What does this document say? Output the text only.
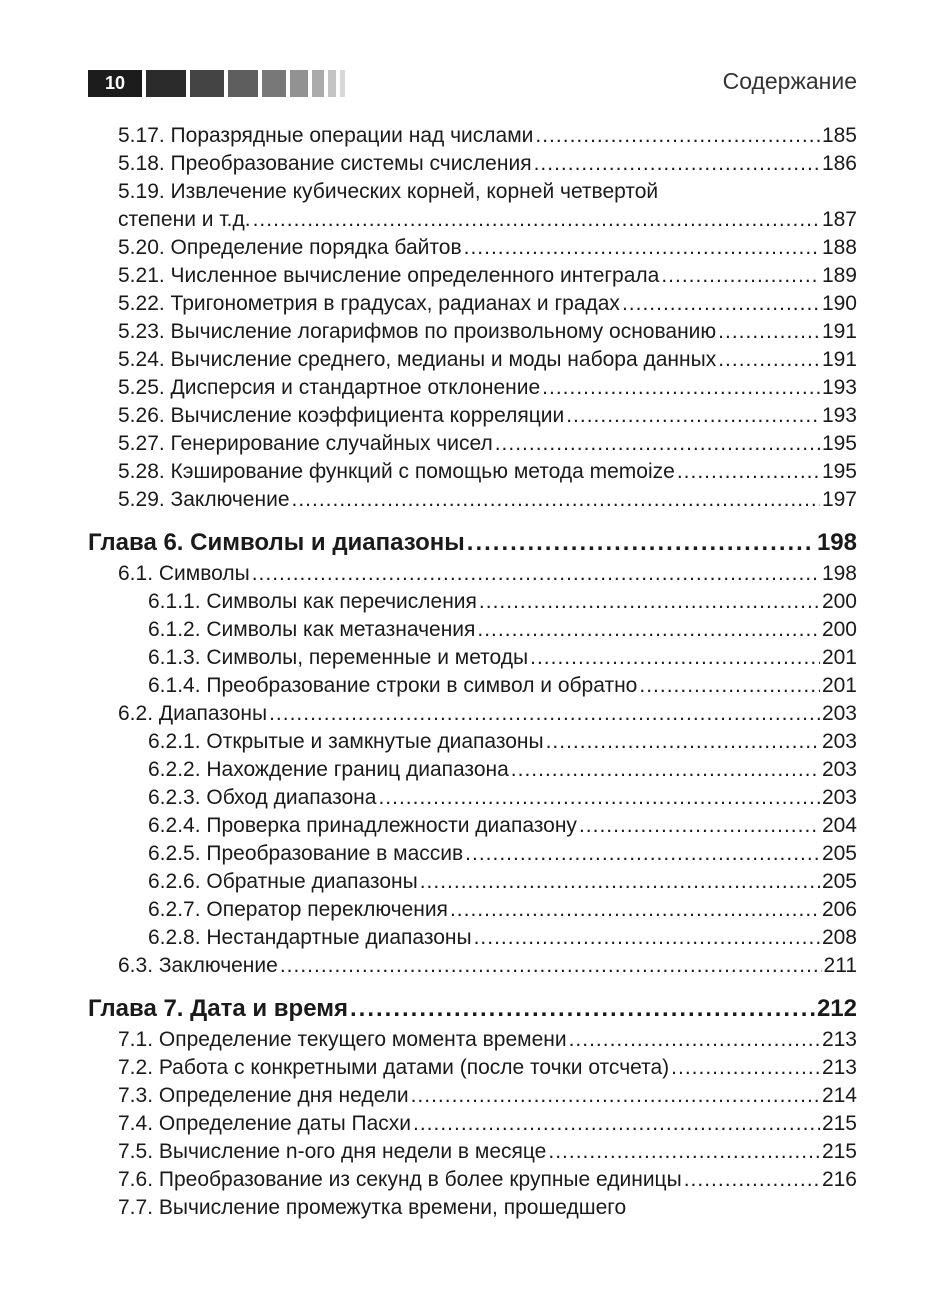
10	Содержание
5.17. Поразрядные операции над числами .....	185
5.18. Преобразование системы счисления .....	186
5.19. Извлечение кубических корней, корней четвертой
степени и т.д. .....	187
5.20. Определение порядка байтов .....	188
5.21. Численное вычисление определенного интеграла .....	189
5.22. Тригонометрия в градусах, радианах и градах .....	190
5.23. Вычисление логарифмов по произвольному основанию .....	191
5.24. Вычисление среднего, медианы и моды набора данных .....	191
5.25. Дисперсия и стандартное отклонение .....	193
5.26. Вычисление коэффициента корреляции .....	193
5.27. Генерирование случайных чисел .....	195
5.28. Кэширование функций с помощью метода memoize .....	195
5.29. Заключение .....	197
Глава 6. Символы и диапазоны .....	198
6.1. Символы .....	198
6.1.1. Символы как перечисления .....	200
6.1.2. Символы как метазначения .....	200
6.1.3. Символы, переменные и методы .....	201
6.1.4. Преобразование строки в символ и обратно .....	201
6.2. Диапазоны .....	203
6.2.1. Открытые и замкнутые диапазоны .....	203
6.2.2. Нахождение границ диапазона .....	203
6.2.3. Обход диапазона .....	203
6.2.4. Проверка принадлежности диапазону .....	204
6.2.5. Преобразование в массив .....	205
6.2.6. Обратные диапазоны .....	205
6.2.7. Оператор переключения .....	206
6.2.8. Нестандартные диапазоны .....	208
6.3. Заключение .....	211
Глава 7. Дата и время .....	212
7.1. Определение текущего момента времени .....	213
7.2. Работа с конкретными датами (после точки отсчета) .....	213
7.3. Определение дня недели .....	214
7.4. Определение даты Пасхи .....	215
7.5. Вычисление n-ого дня недели в месяце .....	215
7.6. Преобразование из секунд в более крупные единицы .....	216
7.7. Вычисление промежутка времени, прошедшего
